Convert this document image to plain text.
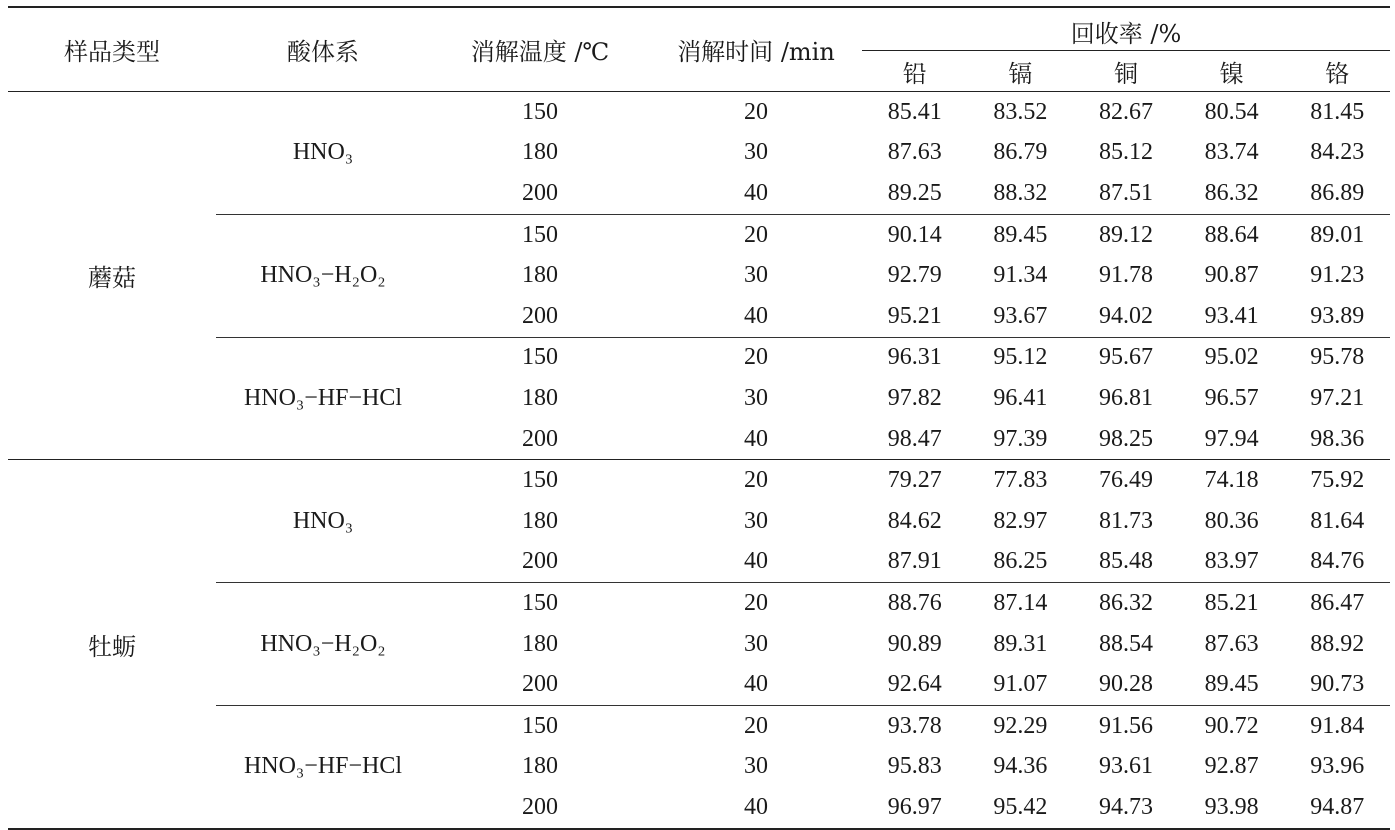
样品类型	酸体系	消解温度 /℃	消解时间 /min	回收率 /%				
				铅	镉	铜	镍	铬
蘑菇	HNO₃	150	20	85.41	83.52	82.67	80.54	81.45
		180	30	87.63	86.79	85.12	83.74	84.23
		200	40	89.25	88.32	87.51	86.32	86.89
	HNO₃−H₂O₂	150	20	90.14	89.45	89.12	88.64	89.01
		180	30	92.79	91.34	91.78	90.87	91.23
		200	40	95.21	93.67	94.02	93.41	93.89
	HNO₃−HF−HCl	150	20	96.31	95.12	95.67	95.02	95.78
		180	30	97.82	96.41	96.81	96.57	97.21
		200	40	98.47	97.39	98.25	97.94	98.36
牡蛎	HNO₃	150	20	79.27	77.83	76.49	74.18	75.92
		180	30	84.62	82.97	81.73	80.36	81.64
		200	40	87.91	86.25	85.48	83.97	84.76
	HNO₃−H₂O₂	150	20	88.76	87.14	86.32	85.21	86.47
		180	30	90.89	89.31	88.54	87.63	88.92
		200	40	92.64	91.07	90.28	89.45	90.73
	HNO₃−HF−HCl	150	20	93.78	92.29	91.56	90.72	91.84
		180	30	95.83	94.36	93.61	92.87	93.96
		200	40	96.97	95.42	94.73	93.98	94.87
